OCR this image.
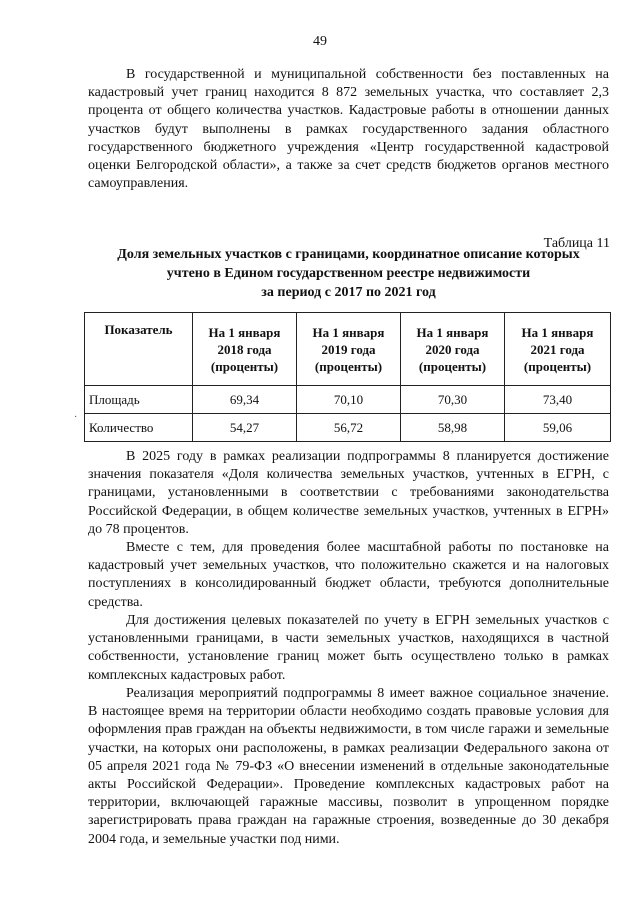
49

В государственной и муниципальной собственности без поставленных на кадастровый учет границ находится 8 872 земельных участка, что составляет 2,3 процента от общего количества участков. Кадастровые работы в отношении данных участков будут выполнены в рамках государственного задания областного государственного бюджетного учреждения «Центр государственной кадастровой оценки Белгородской области», а также за счет средств бюджетов органов местного самоуправления.

Таблица 11
Доля земельных участков с границами, координатное описание которых
учтено в Едином государственном реестре недвижимости
за период с 2017 по 2021 год
Показатель	На 1 января 2018 года (проценты)	На 1 января 2019 года (проценты)	На 1 января 2020 года (проценты)	На 1 января 2021 года (проценты)
Площадь	69,34	70,10	70,30	73,40
Количество	54,27	56,72	58,98	59,06
·

В 2025 году в рамках реализации подпрограммы 8 планируется достижение значения показателя «Доля количества земельных участков, учтенных в ЕГРН, с границами, установленными в соответствии с требованиями законодательства Российской Федерации, в общем количестве земельных участков, учтенных в ЕГРН» до 78 процентов.

Вместе с тем, для проведения более масштабной работы по постановке на кадастровый учет земельных участков, что положительно скажется и на налоговых поступлениях в консолидированный бюджет области, требуются дополнительные средства.

Для достижения целевых показателей по учету в ЕГРН земельных участков с установленными границами, в части земельных участков, находящихся в частной собственности, установление границ может быть осуществлено только в рамках комплексных кадастровых работ.

Реализация мероприятий подпрограммы 8 имеет важное социальное значение. В настоящее время на территории области необходимо создать правовые условия для оформления прав граждан на объекты недвижимости, в том числе гаражи и земельные участки, на которых они расположены, в рамках реализации Федерального закона от 05 апреля 2021 года № 79-ФЗ «О внесении изменений в отдельные законодательные акты Российской Федерации». Проведение комплексных кадастровых работ на территории, включающей гаражные массивы, позволит в упрощенном порядке зарегистрировать права граждан на гаражные строения, возведенные до 30 декабря 2004 года, и земельные участки под ними.
